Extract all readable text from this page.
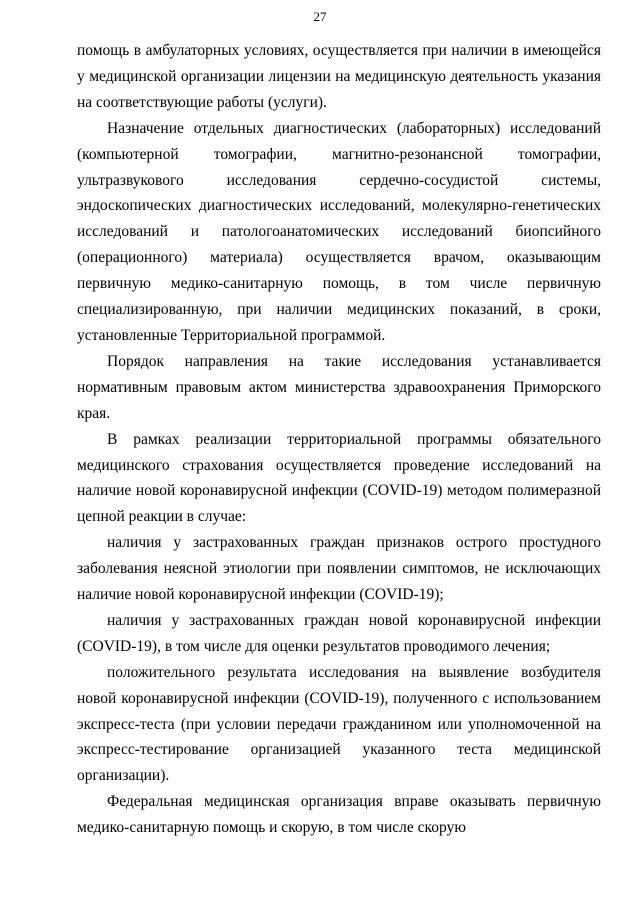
27

помощь в амбулаторных условиях, осуществляется при наличии в имеющейся у медицинской организации лицензии на медицинскую деятельность указания на соответствующие работы (услуги).

Назначение отдельных диагностических (лабораторных) исследований (компьютерной томографии, магнитно-резонансной томографии, ультразвукового исследования сердечно-сосудистой системы, эндоскопических диагностических исследований, молекулярно-генетических исследований и патологоанатомических исследований биопсийного (операционного) материала) осуществляется врачом, оказывающим первичную медико-санитарную помощь, в том числе первичную специализированную, при наличии медицинских показаний, в сроки, установленные Территориальной программой.

Порядок направления на такие исследования устанавливается нормативным правовым актом министерства здравоохранения Приморского края.

В рамках реализации территориальной программы обязательного медицинского страхования осуществляется проведение исследований на наличие новой коронавирусной инфекции (COVID-19) методом полимеразной цепной реакции в случае:

наличия у застрахованных граждан признаков острого простудного заболевания неясной этиологии при появлении симптомов, не исключающих наличие новой коронавирусной инфекции (COVID-19);

наличия у застрахованных граждан новой коронавирусной инфекции (COVID-19), в том числе для оценки результатов проводимого лечения;

положительного результата исследования на выявление возбудителя новой коронавирусной инфекции (COVID-19), полученного с использованием экспресс-теста (при условии передачи гражданином или уполномоченной на экспресс-тестирование организацией указанного теста медицинской организации).

Федеральная медицинская организация вправе оказывать первичную медико-санитарную помощь и скорую, в том числе скорую
